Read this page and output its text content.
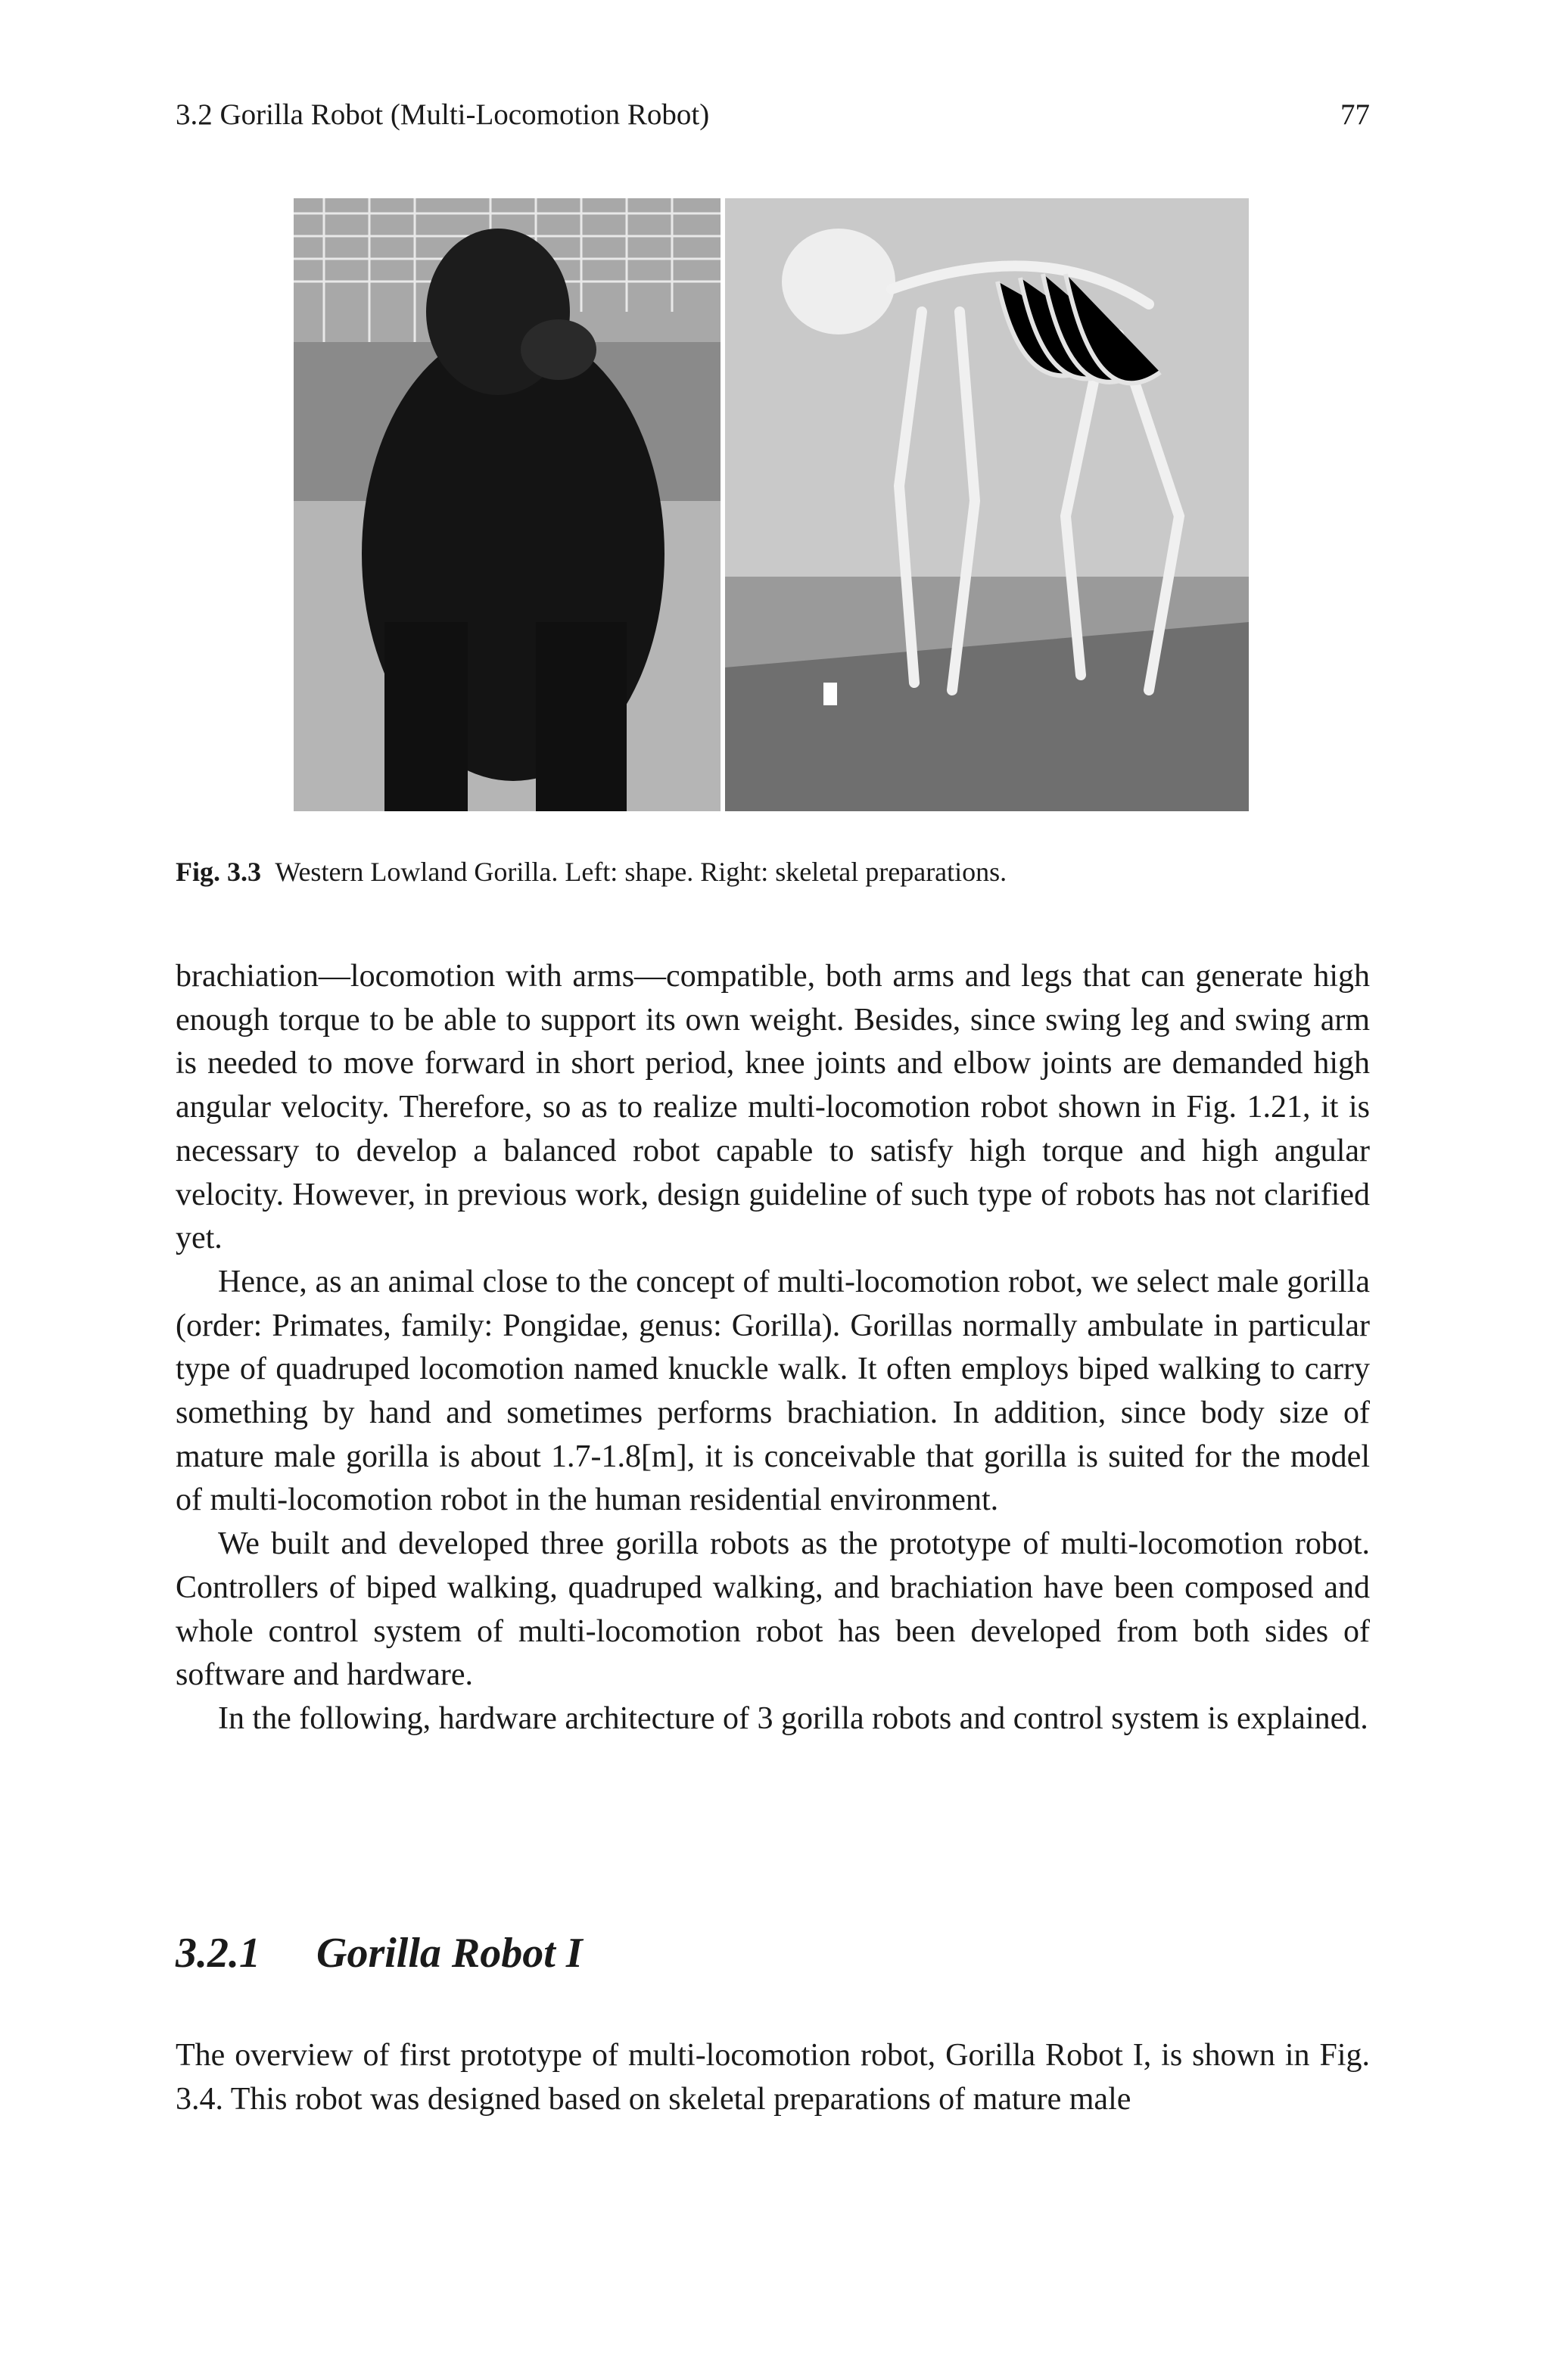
3.2 Gorilla Robot (Multi-Locomotion Robot)	77
Fig. 3.3 Western Lowland Gorilla. Left: shape. Right: skeletal preparations.

brachiation—locomotion with arms—compatible, both arms and legs that can generate high enough torque to be able to support its own weight. Besides, since swing leg and swing arm is needed to move forward in short period, knee joints and elbow joints are demanded high angular velocity. Therefore, so as to realize multi-locomotion robot shown in Fig. 1.21, it is necessary to develop a balanced robot capable to satisfy high torque and high angular velocity. However, in previous work, design guideline of such type of robots has not clarified yet.

Hence, as an animal close to the concept of multi-locomotion robot, we select male gorilla (order: Primates, family: Pongidae, genus: Gorilla). Gorillas normally ambulate in particular type of quadruped locomotion named knuckle walk. It often employs biped walking to carry something by hand and sometimes performs brachiation. In addition, since body size of mature male gorilla is about 1.7-1.8[m], it is conceivable that gorilla is suited for the model of multi-locomotion robot in the human residential environment.

We built and developed three gorilla robots as the prototype of multi-locomotion robot. Controllers of biped walking, quadruped walking, and brachiation have been composed and whole control system of multi-locomotion robot has been developed from both sides of software and hardware.

In the following, hardware architecture of 3 gorilla robots and control system is explained.

3.2.1 Gorilla Robot I

The overview of first prototype of multi-locomotion robot, Gorilla Robot I, is shown in Fig. 3.4. This robot was designed based on skeletal preparations of mature male
